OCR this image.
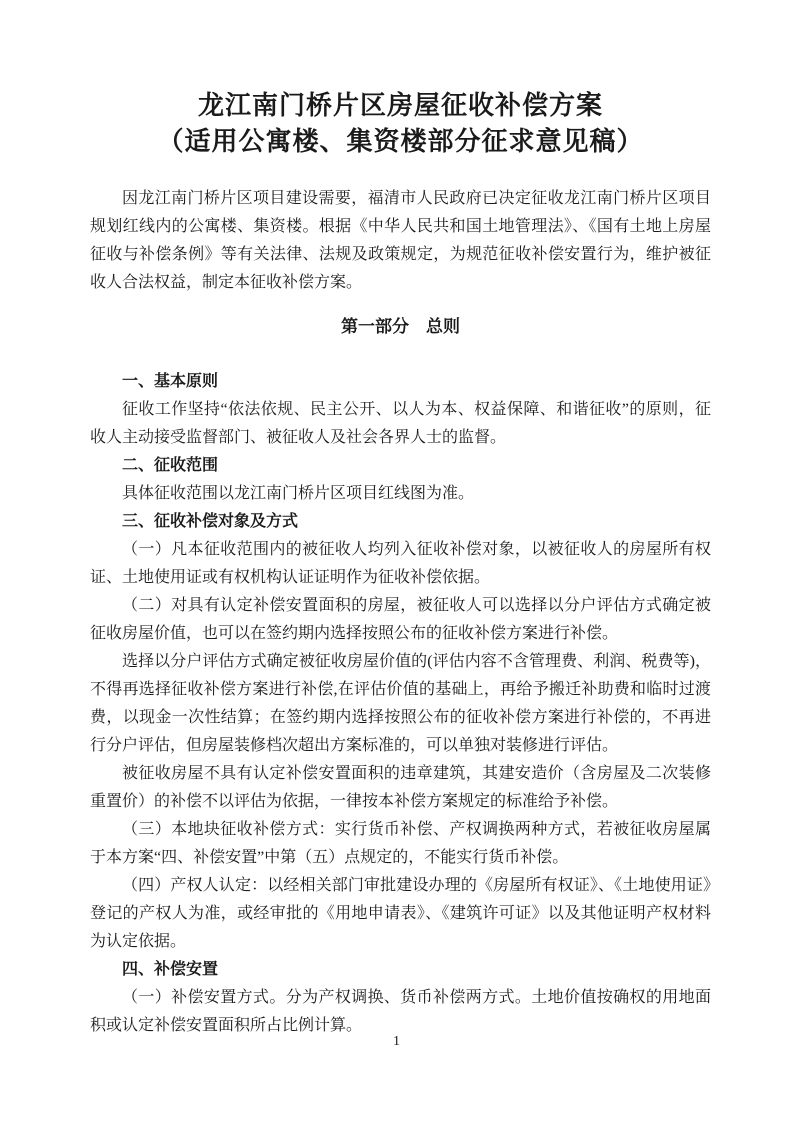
龙江南门桥片区房屋征收补偿方案
（适用公寓楼、集资楼部分征求意见稿）

因龙江南门桥片区项目建设需要，福清市人民政府已决定征收龙江南门桥片区项目规划红线内的公寓楼、集资楼。根据《中华人民共和国土地管理法》、《国有土地上房屋征收与补偿条例》等有关法律、法规及政策规定，为规范征收补偿安置行为，维护被征收人合法权益，制定本征收补偿方案。

第一部分　总则
一、基本原则

征收工作坚持“依法依规、民主公开、以人为本、权益保障、和谐征收”的原则，征收人主动接受监督部门、被征收人及社会各界人士的监督。

二、征收范围

具体征收范围以龙江南门桥片区项目红线图为准。

三、征收补偿对象及方式

（一）凡本征收范围内的被征收人均列入征收补偿对象，以被征收人的房屋所有权证、土地使用证或有权机构认证证明作为征收补偿依据。

（二）对具有认定补偿安置面积的房屋，被征收人可以选择以分户评估方式确定被征收房屋价值，也可以在签约期内选择按照公布的征收补偿方案进行补偿。

选择以分户评估方式确定被征收房屋价值的(评估内容不含管理费、利润、税费等)，不得再选择征收补偿方案进行补偿,在评估价值的基础上，再给予搬迁补助费和临时过渡费，以现金一次性结算；在签约期内选择按照公布的征收补偿方案进行补偿的，不再进行分户评估，但房屋装修档次超出方案标准的，可以单独对装修进行评估。

被征收房屋不具有认定补偿安置面积的违章建筑，其建安造价（含房屋及二次装修重置价）的补偿不以评估为依据，一律按本补偿方案规定的标准给予补偿。

（三）本地块征收补偿方式：实行货币补偿、产权调换两种方式，若被征收房屋属于本方案“四、补偿安置”中第（五）点规定的，不能实行货币补偿。

（四）产权人认定：以经相关部门审批建设办理的《房屋所有权证》、《土地使用证》登记的产权人为准，或经审批的《用地申请表》、《建筑许可证》以及其他证明产权材料为认定依据。

四、补偿安置

（一）补偿安置方式。分为产权调换、货币补偿两方式。土地价值按确权的用地面积或认定补偿安置面积所占比例计算。

1
